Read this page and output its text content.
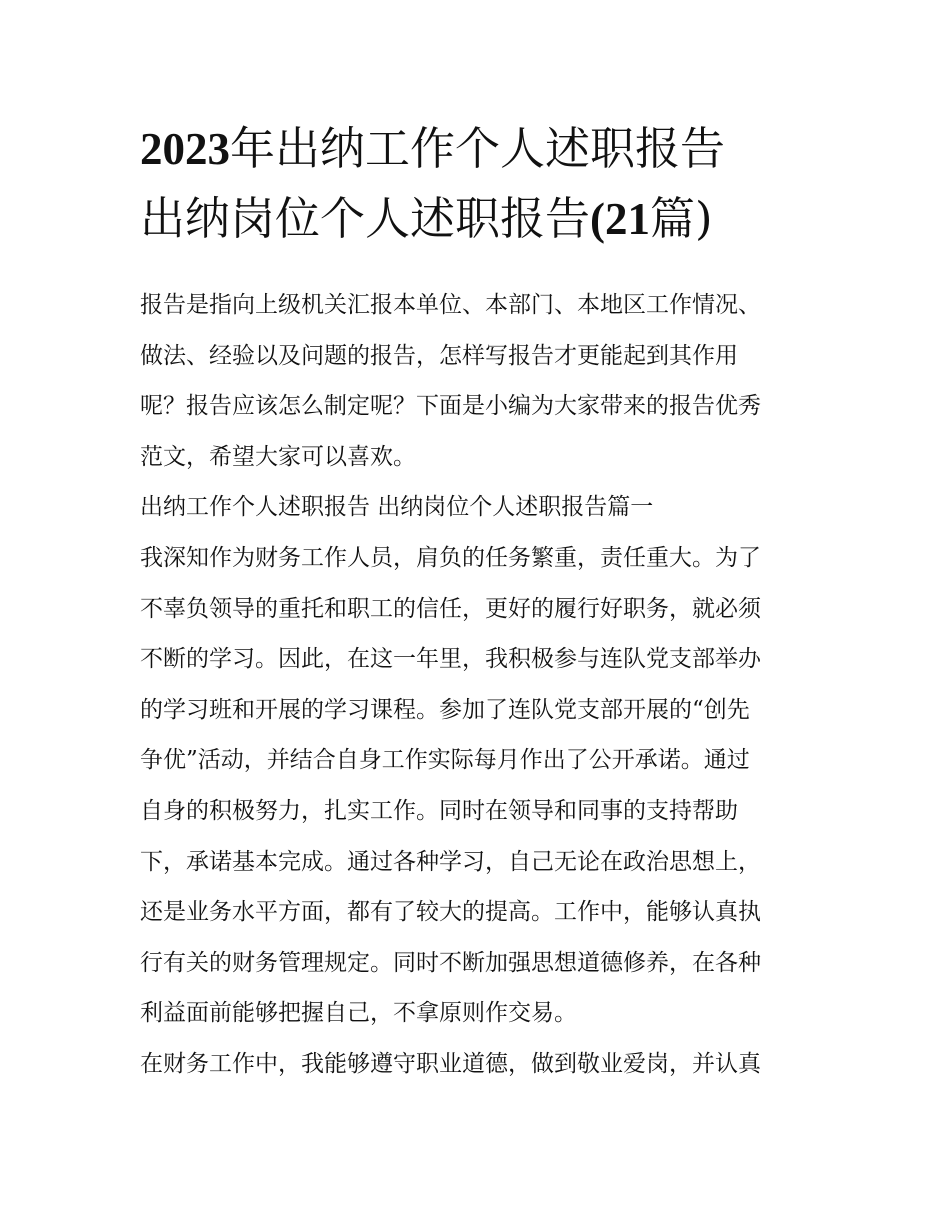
2023年出纳工作个人述职报告
出纳岗位个人述职报告(21篇)
报告是指向上级机关汇报本单位、本部门、本地区工作情况、
做法、经验以及问题的报告，怎样写报告才更能起到其作用
呢？报告应该怎么制定呢？下面是小编为大家带来的报告优秀
范文，希望大家可以喜欢。
出纳工作个人述职报告 出纳岗位个人述职报告篇一
我深知作为财务工作人员，肩负的任务繁重，责任重大。为了
不辜负领导的重托和职工的信任，更好的履行好职务，就必须
不断的学习。因此，在这一年里，我积极参与连队党支部举办
的学习班和开展的学习课程。参加了连队党支部开展的“创先
争优”活动，并结合自身工作实际每月作出了公开承诺。通过
自身的积极努力，扎实工作。同时在领导和同事的支持帮助
下，承诺基本完成。通过各种学习，自己无论在政治思想上，
还是业务水平方面，都有了较大的提高。工作中，能够认真执
行有关的财务管理规定。同时不断加强思想道德修养，在各种
利益面前能够把握自己，不拿原则作交易。
在财务工作中，我能够遵守职业道德，做到敬业爱岗，并认真
